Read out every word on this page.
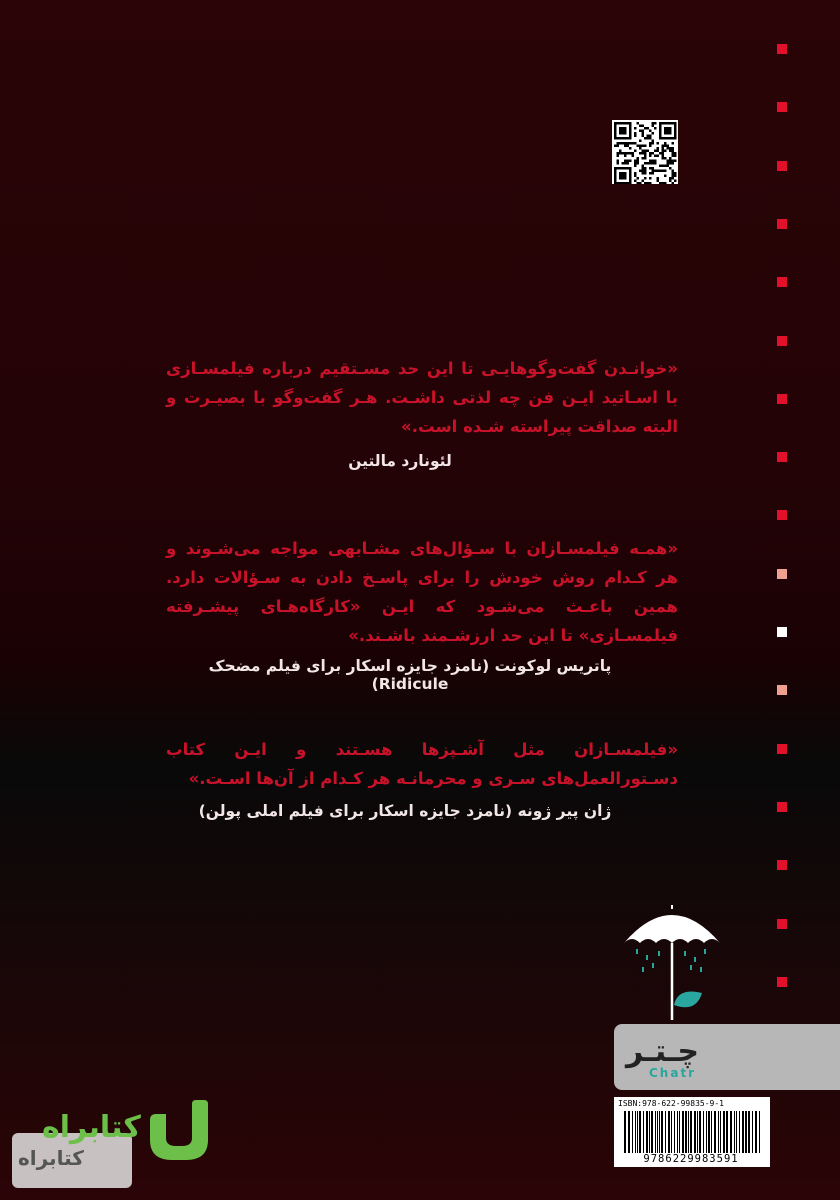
«خوانـدن گفت‌وگوهایـی تا این حد مسـتقیم درباره فیلمسـازی با اسـاتید ایـن فن چه لذتی داشـت. هـر گفت‌وگو با بصیـرت و البته صداقت پیراسته شـده است.»
لئونارد مالتین
«همـه فیلمسـازان با سـؤال‌های مشـابهی مواجه می‌شـوند و هر کـدام روش خودش را برای پاسـخ دادن به سـؤالات دارد. همین باعـث می‌شـود که ایـن «کارگاه‌هـای پیشـرفته فیلمسـازی» تا این حد ارزشـمند باشـند.»
پاتریس لوکونت (نامزد جایزه اسکار برای فیلم مضحک Ridicule)
«فیلمسـازان مثل آشـپزها هسـتند و ایـن کتاب دسـتورالعمل‌های سـری و محرمانـه هر کـدام از آن‌ها اسـت.»
ژان پیر ژونه (نامزد جایزه اسکار برای فیلم املی پولن)
چـتـر
Chatr
ISBN:978-622-99835-9-1
9786229983591
کتابراه
کتابراه
